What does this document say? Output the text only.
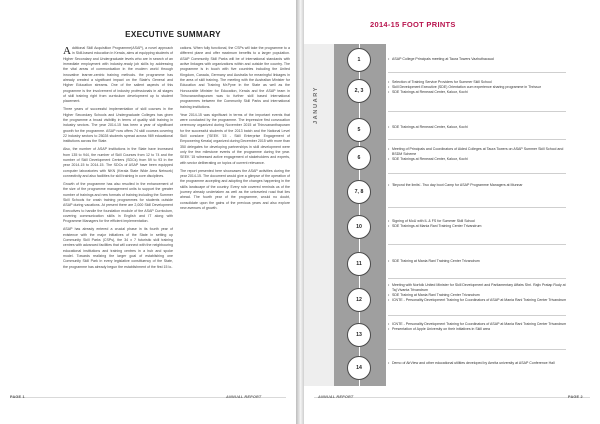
EXECUTIVE SUMMARY

Additional Skill Acquisition Programme(ASAP), a novel approach in Skill-based education in Kerala, aims at equipping students of Higher Secondary and Undergraduate levels who are in search of an immediate employment with industry-ready job skills by addressing the vital areas of communication in the modern world through innovative learner-centric training methods. the programme has already created a significant impact on the State's General and Higher Education streams. One of the salient aspects of this programme is the involvement of industry professionals in all stages of skill training right from curriculum development up to student placement.

Three years of successful implementation of skill courses in the Higher Secondary Schools and Undergraduate Colleges has given the programme a broad visibility in terms of quality skill training in industry sectors. The year 2014-15 has been a year of significant growth for the programme. ASAP now offers 74 skill courses covering 22 industry sectors to 25028 students spread across 989 educational institutions across the State.

Also, the number of ASAP institutions in the State have increased from 135 to 944, the number of Skill Courses from 12 to 74 and the number of Skill Development Centers (SDCs) from 59 to 93 in the year 2014-15 to 2014-15. The SDCs of ASAP have been equipped computer laboratories with NKN (Kerala State Wide Area Network) connectivity and also facilities for skill training in core disciplines.

Growth of the programme has also resulted in the enhancement of the size of the programme management units to support the greater number of trainings and new formats of training including the Summer Skill Schools for crash training programmes for students outside ASAP during vacations. At present there are 2,000 Skill Development Executives to handle the foundation module of the ASAP Curriculum, covering communication skills in English and IT along with Programme Managers for the efficient implementation.

ASAP has already entered a crucial phase in its fourth year of existence with the major initiatives of the State in setting up Community Skill Parks (CSPs), the 34 x 7 futuristic skill training centres with advanced facilities that will connect with the neighbouring educational institutions and training centres in a hub and spoke model. Towards realizing the larger goal of establishing one Community Skill Park in every legislative constituency of the State, the programme has already begun the establishment of the first 15 lo-

cations. When fully functional, the CSPs will take the programme to a different plane and offer maximum benefits to a larger population. ASAP Community Skill Parks will be of international standards with active linkages with organizations within and outside the country. The programme is in touch with five countries including the United Kingdom, Canada, Germany and Australia for meaningful linkages in the area of skill training. The meeting with the Australian Minister for Education and Training Mr.Pyne in the State as well as the Honourable Minister for Education, Kerala and the ASAP team in Thiruvananthapuram was to further skill based international programmes between the Community Skill Parks and international training institutions.

Year 2014-15 was significant in terms of the important events that were conducted by the programme. The impressive first convocation ceremony organized during November 2015 at Thiruvananthapuram for the successful students of the 2013 batch and the National Level Skill conclave ('SEEK '15 - Skill Enterprise Engagement of Empowering Kerala) organized during December 2015 with more than 350 delegates for developing partnerships in skill development were only the few milestone events of the programme during the year. SEEK '15 witnessed active engagement of stakeholders and experts, with sector deliberating on topics of current relevance.

The report presented here showcases the ASAP activities during the year 2014-15. The document would give a glimpse of the operation of the programme accepting and adopting the changes happening in the skills landscape of the country. Every rule covered reminds us of the journey already undertaken as well as the untraveled road that lies ahead. The fourth year of the programme, would no doubt, consolidate upon the gains of the previous years and also explore new avenues of growth.

PAGE 1	ANNUAL REPORT
2014-15 FOOT PRINTS
JANUARY
1
2, 3
5
6
7, 8
10
11
12
13
14
• ASAP College Principals meeting at Taura Towers Vazhuthacaud
• Selection of Training Service Providers for Summer Skill School
• Skill Development Executive (SDE) Orientation cum experience sharing programme in Thrissur
• SDE Trainings at Renewal Center, Kaloor, Kochi
• SDE Trainings at Renewal Center, Kaloor, Kochi
• Meeting of Principals and Coordinators of Aided Colleges at Taura Towers on ASAP Summer Skill School and BSDM Scheme
• SDE Trainings at Renewal Center, Kaloor, Kochi
• 'Beyond the limits'- Two day boot Camp for ASAP Programme Managers at Munnar
• Signing of MoU with IL & FS for Summer Skill School
• SDE Trainings at Mania Rani Training Center Trivandrum
• SDE Training at Mania Rani Training Center Trivandrum
• Meeting with Norfolk United Minister for Skill Development and Parliamentary Affairs Shri. Rajiv Pratap Rudy at Taj Vivanta Trivandrum
• SDE Training at Mania Rani Training Center Trivandrum
• ICNTE - Personality Development Training for Coordinators of ASAP at Mania Rani Training Center Trivandrum
• ICNTE - Personality Development Training for Coordinators of ASAP at Mania Rani Training Center Trivandrum
• Presentation of Apple University on their initiatives in Skill area
• Demo of AirView and other educational utilities developed by Amrita university at ASAP Conference Hall
ANNUAL REPORT	PAGE 2
